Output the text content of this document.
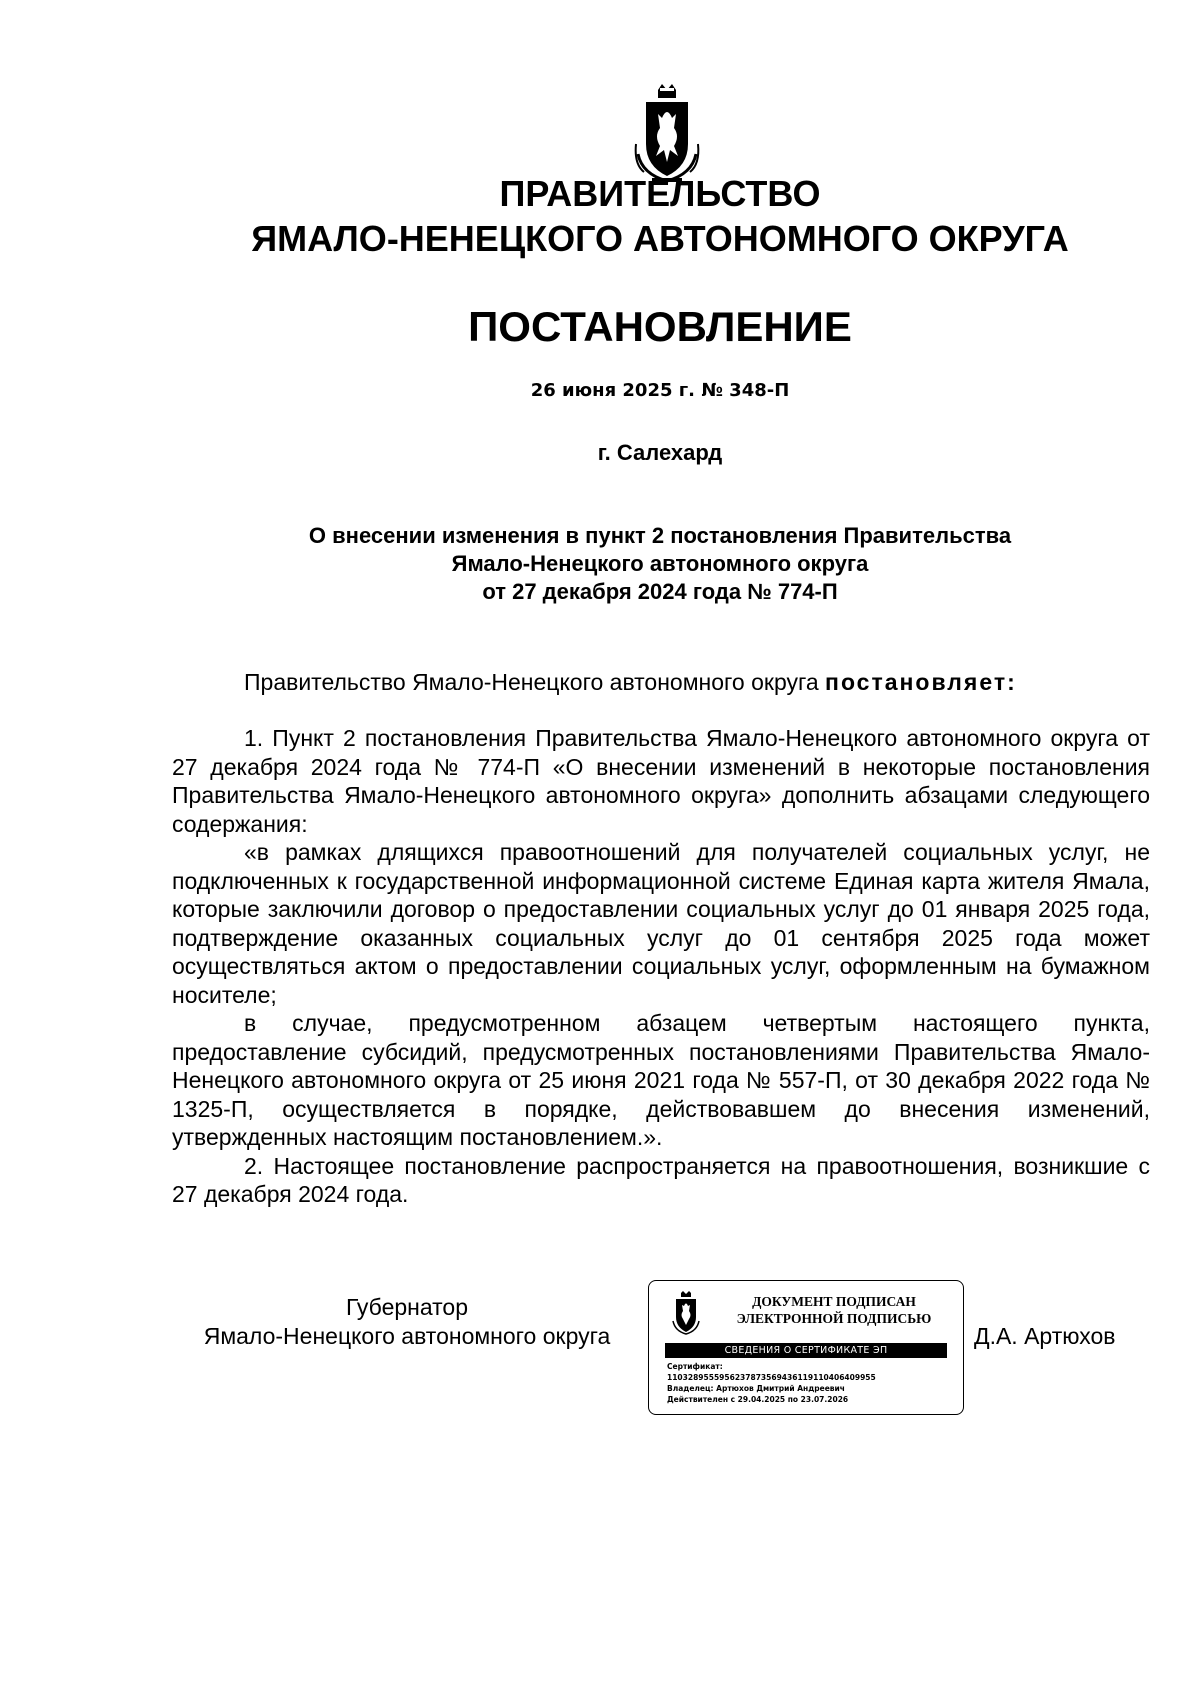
ПРАВИТЕЛЬСТВО
ЯМАЛО-НЕНЕЦКОГО АВТОНОМНОГО ОКРУГА
ПОСТАНОВЛЕНИЕ
26 июня 2025 г. № 348-П
г. Салехард
О внесении изменения в пункт 2 постановления Правительства
Ямало-Ненецкого автономного округа
от 27 декабря 2024 года № 774-П

Правительство Ямало-Ненецкого автономного округа постановляет:

1. Пункт 2 постановления Правительства Ямало-Ненецкого автономного округа от 27 декабря 2024 года № 774-П «О внесении изменений в некоторые постановления Правительства Ямало-Ненецкого автономного округа» дополнить абзацами следующего содержания:

«в рамках длящихся правоотношений для получателей социальных услуг, не подключенных к государственной информационной системе Единая карта жителя Ямала, которые заключили договор о предоставлении социальных услуг до 01 января 2025 года, подтверждение оказанных социальных услуг до 01 сентября 2025 года может осуществляться актом о предоставлении социальных услуг, оформленным на бумажном носителе;

в случае, предусмотренном абзацем четвертым настоящего пункта, предоставление субсидий, предусмотренных постановлениями Правительства Ямало-Ненецкого автономного округа от 25 июня 2021 года № 557-П, от 30 декабря 2022 года № 1325-П, осуществляется в порядке, действовавшем до внесения изменений, утвержденных настоящим постановлением.».

2. Настоящее постановление распространяется на правоотношения, возникшие с 27 декабря 2024 года.

Губернатор
Ямало-Ненецкого автономного округа
ДОКУМЕНТ ПОДПИСАН
ЭЛЕКТРОННОЙ ПОДПИСЬЮ
СВЕДЕНИЯ О СЕРТИФИКАТЕ ЭП
Сертификат:
1103289555956237873569436119110406409955
Владелец: Артюхов Дмитрий Андреевич
Действителен с 29.04.2025 по 23.07.2026
Д.А. Артюхов
